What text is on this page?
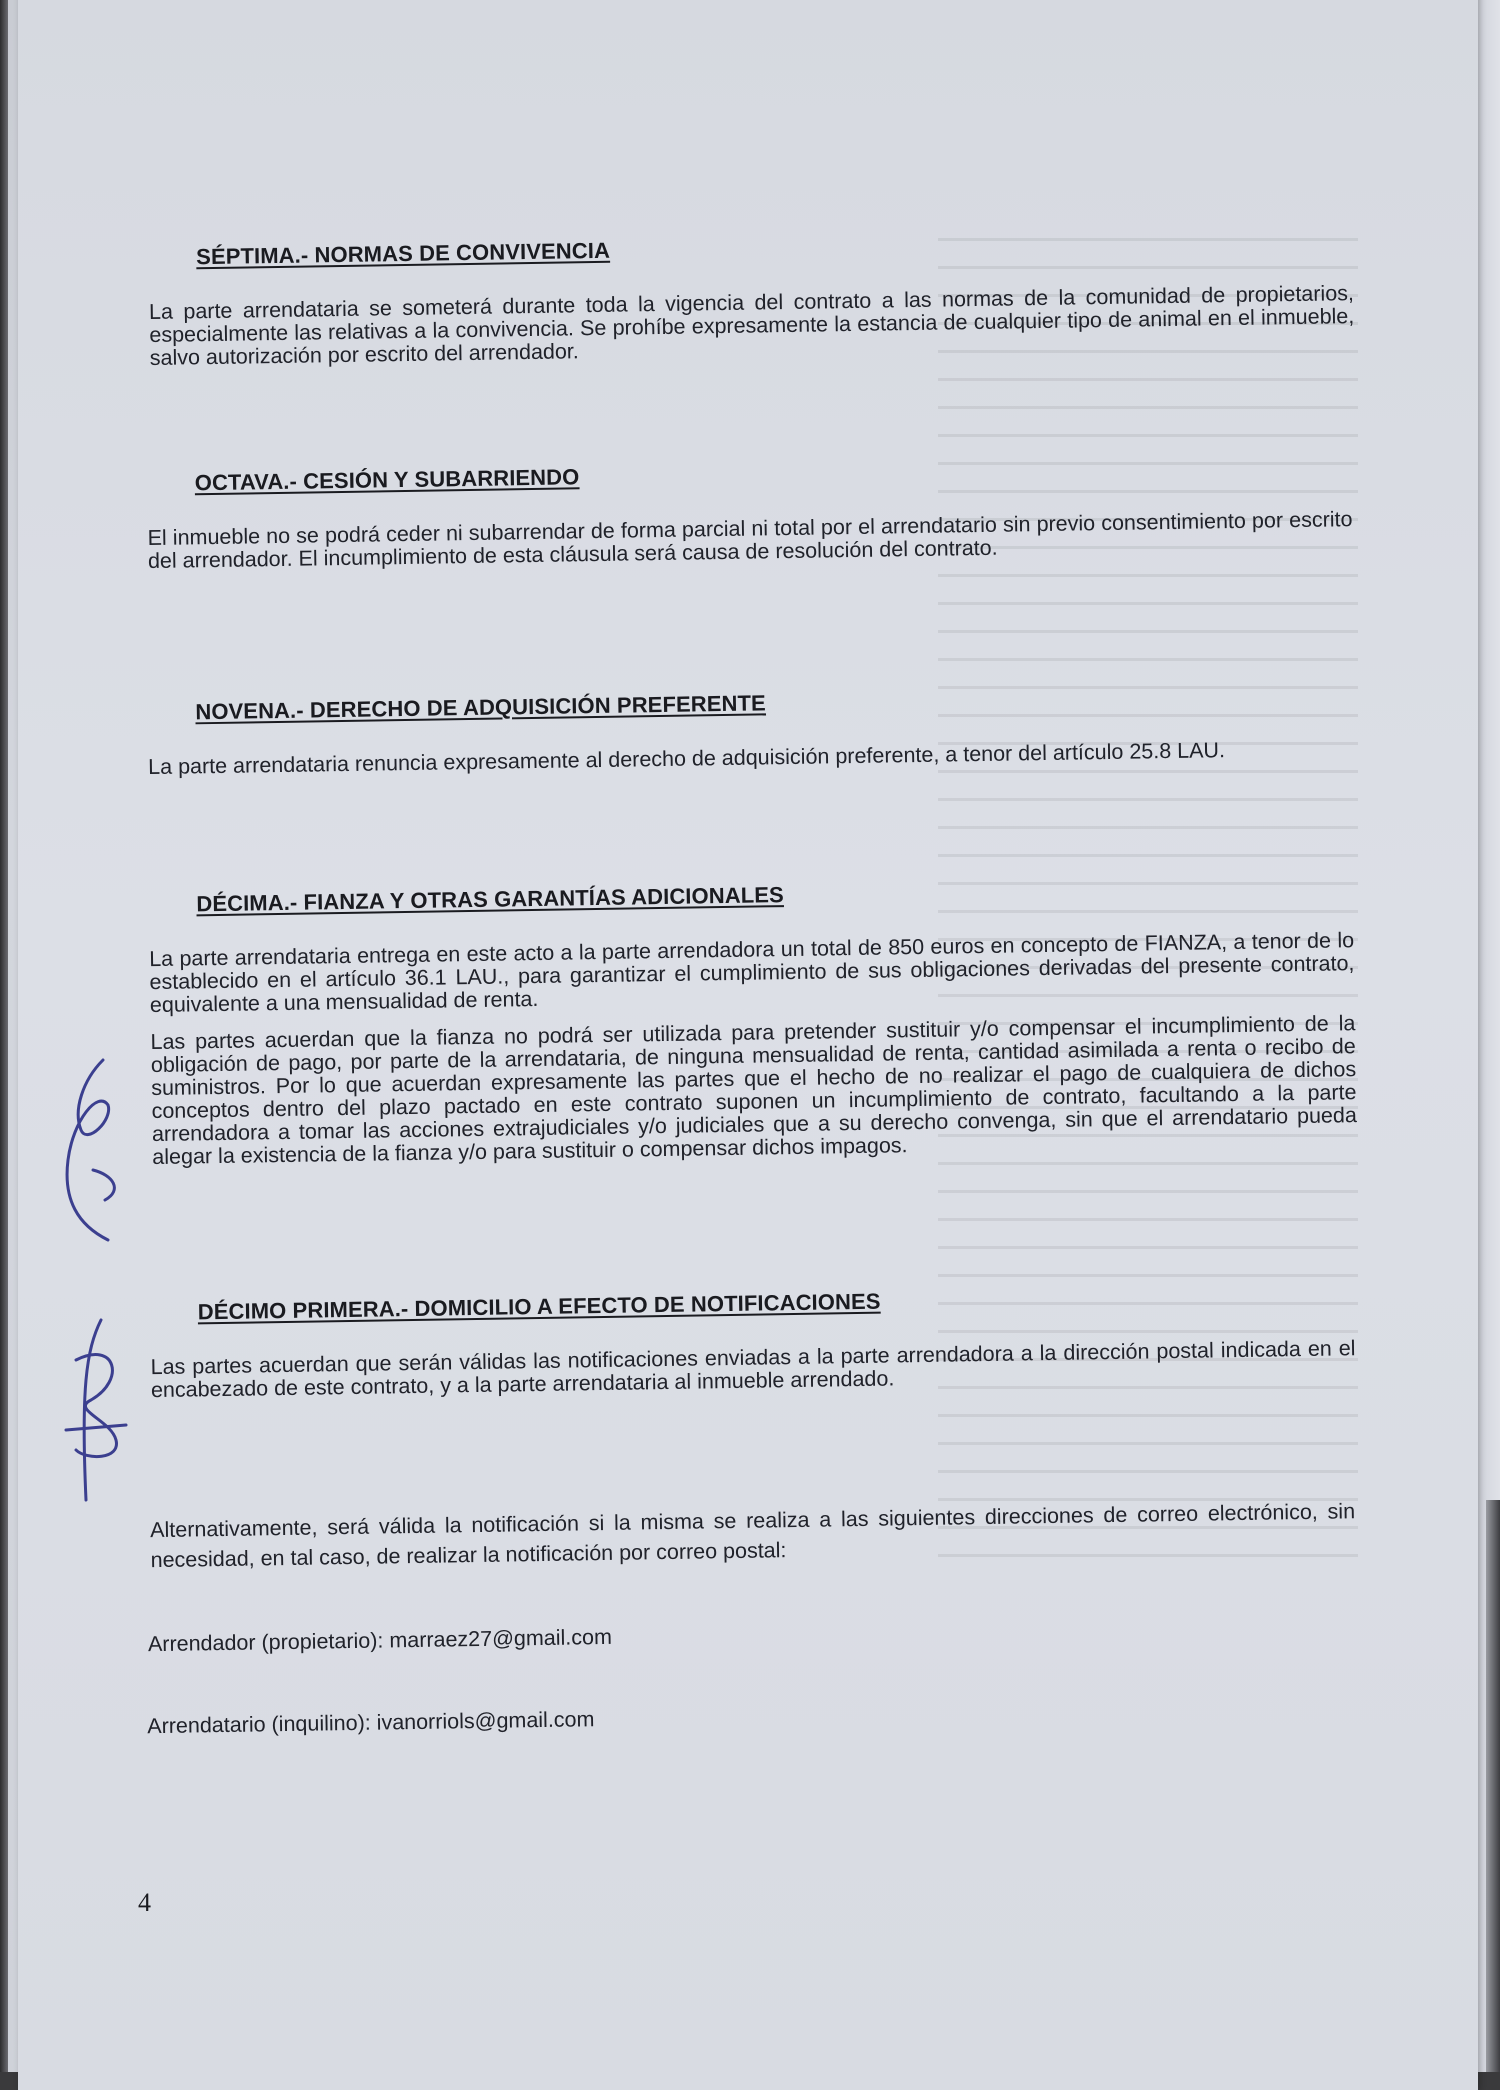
SÉPTIMA.- NORMAS DE CONVIVENCIA

La parte arrendataria se someterá durante toda la vigencia del contrato a las normas de la comunidad de propietarios, especialmente las relativas a la convivencia. Se prohíbe expresamente la estancia de cualquier tipo de animal en el inmueble, salvo autorización por escrito del arrendador.

OCTAVA.- CESIÓN Y SUBARRIENDO

El inmueble no se podrá ceder ni subarrendar de forma parcial ni total por el arrendatario sin previo consentimiento por escrito del arrendador. El incumplimiento de esta cláusula será causa de resolución del contrato.

NOVENA.- DERECHO DE ADQUISICIÓN PREFERENTE

La parte arrendataria renuncia expresamente al derecho de adquisición preferente, a tenor del artículo 25.8 LAU.

DÉCIMA.- FIANZA Y OTRAS GARANTÍAS ADICIONALES

La parte arrendataria entrega en este acto a la parte arrendadora un total de 850 euros en concepto de FIANZA, a tenor de lo establecido en el artículo 36.1 LAU., para garantizar el cumplimiento de sus obligaciones derivadas del presente contrato, equivalente a una mensualidad de renta.

Las partes acuerdan que la fianza no podrá ser utilizada para pretender sustituir y/o compensar el incumplimiento de la obligación de pago, por parte de la arrendataria, de ninguna mensualidad de renta, cantidad asimilada a renta o recibo de suministros. Por lo que acuerdan expresamente las partes que el hecho de no realizar el pago de cualquiera de dichos conceptos dentro del plazo pactado en este contrato suponen un incumplimiento de contrato, facultando a la parte arrendadora a tomar las acciones extrajudiciales y/o judiciales que a su derecho convenga, sin que el arrendatario pueda alegar la existencia de la fianza y/o para sustituir o compensar dichos impagos.

DÉCIMO PRIMERA.- DOMICILIO A EFECTO DE NOTIFICACIONES

Las partes acuerdan que serán válidas las notificaciones enviadas a la parte arrendadora a la dirección postal indicada en el encabezado de este contrato, y a la parte arrendataria al inmueble arrendado.

Alternativamente, será válida la notificación si la misma se realiza a las siguientes direcciones de correo electrónico, sin necesidad, en tal caso, de realizar la notificación por correo postal:

Arrendador (propietario): marraez27@gmail.com

Arrendatario (inquilino): ivanorriols@gmail.com

4
